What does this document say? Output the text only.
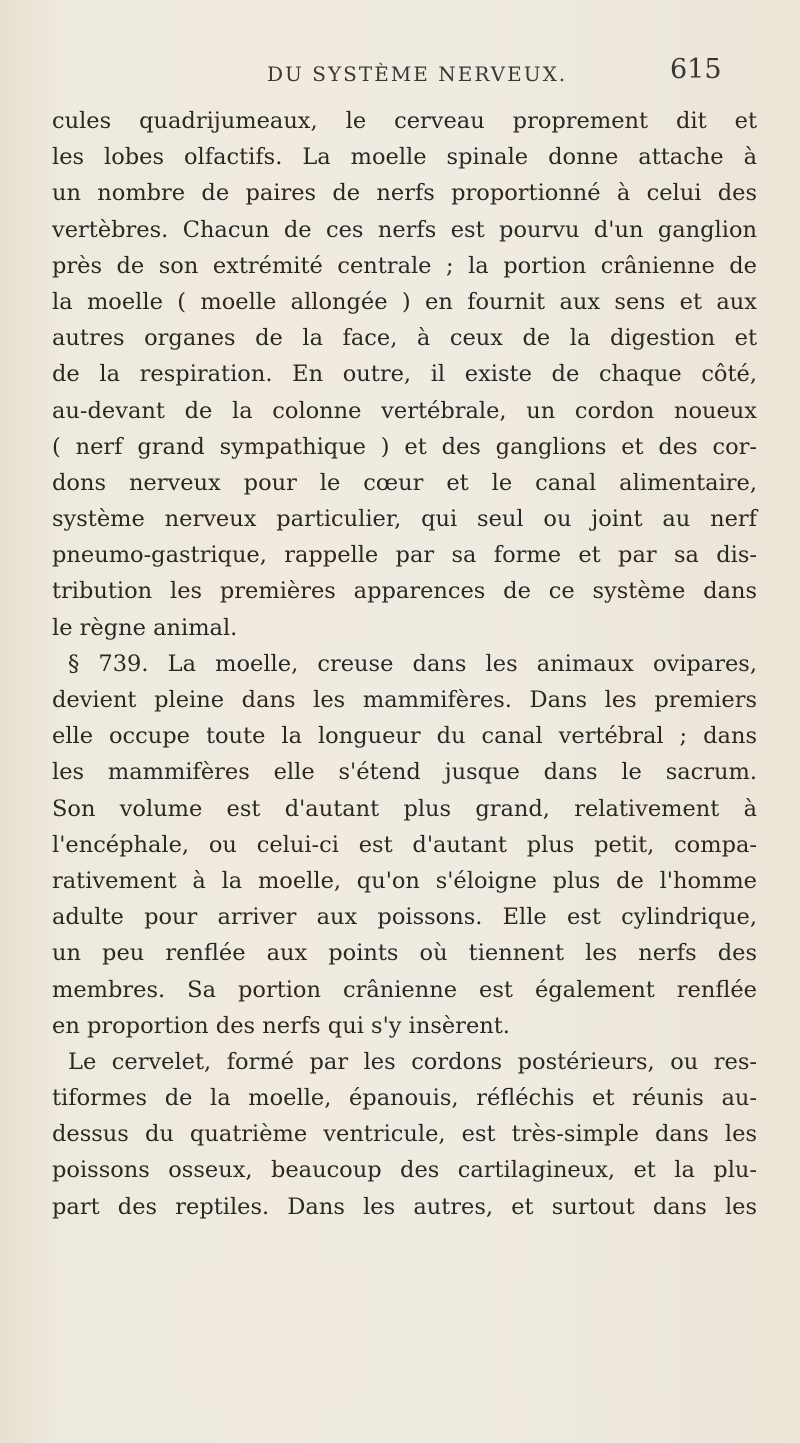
DU SYSTÈME NERVEUX.	615
cules quadrijumeaux, le cerveau proprement dit et
les lobes olfactifs. La moelle spinale donne attache à
un nombre de paires de nerfs proportionné à celui des
vertèbres. Chacun de ces nerfs est pourvu d'un ganglion
près de son extrémité centrale ; la portion crânienne de
la moelle ( moelle allongée ) en fournit aux sens et aux
autres organes de la face, à ceux de la digestion et
de la respiration. En outre, il existe de chaque côté,
au-devant de la colonne vertébrale, un cordon noueux
( nerf grand sympathique ) et des ganglions et des cor-
dons nerveux pour le cœur et le canal alimentaire,
système nerveux particulier, qui seul ou joint au nerf
pneumo-gastrique, rappelle par sa forme et par sa dis-
tribution les premières apparences de ce système dans
le règne animal.
§ 739. La moelle, creuse dans les animaux ovipares,
devient pleine dans les mammifères. Dans les premiers
elle occupe toute la longueur du canal vertébral ; dans
les mammifères elle s'étend jusque dans le sacrum.
Son volume est d'autant plus grand, relativement à
l'encéphale, ou celui-ci est d'autant plus petit, compa-
rativement à la moelle, qu'on s'éloigne plus de l'homme
adulte pour arriver aux poissons. Elle est cylindrique,
un peu renflée aux points où tiennent les nerfs des
membres. Sa portion crânienne est également renflée
en proportion des nerfs qui s'y insèrent.
Le cervelet, formé par les cordons postérieurs, ou res-
tiformes de la moelle, épanouis, réfléchis et réunis au-
dessus du quatrième ventricule, est très-simple dans les
poissons osseux, beaucoup des cartilagineux, et la plu-
part des reptiles. Dans les autres, et surtout dans les
